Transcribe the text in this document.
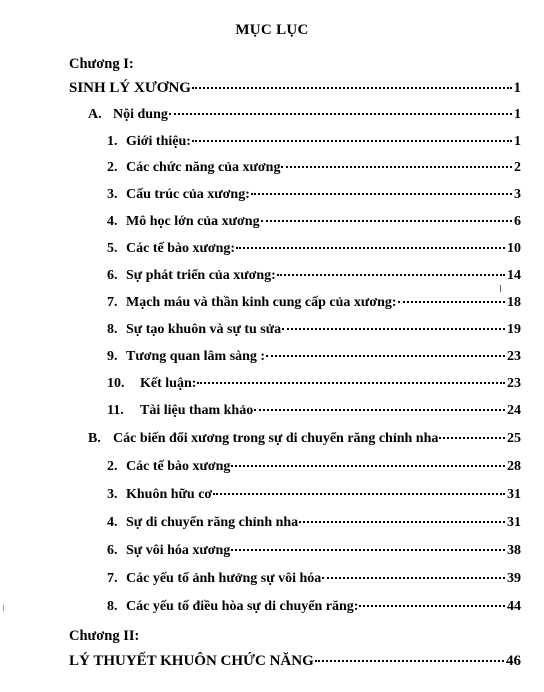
MỤC LỤC
Chương I:
SINH LÝ XƯƠNG	1
A. Nội dung	1
1. Giới thiệu:	1
2. Các chức năng của xương	2
3. Cấu trúc của xương:	3
4. Mô học lớn của xương	6
5. Các tế bào xương:	10
6. Sự phát triển của xương:	14
7. Mạch máu và thần kinh cung cấp của xương:	18
8. Sự tạo khuôn và sự tu sửa	19
9. Tương quan lâm sàng :	23
10.	Kết luận:	23
11.	Tài liệu tham khảo	24
B. Các biến đổi xương trong sự di chuyển răng chỉnh nha	25
2. Các tế bào xương	28
3. Khuôn hữu cơ	31
4. Sự di chuyển răng chỉnh nha	31
6. Sự vôi hóa xương	38
7. Các yếu tố ảnh hưởng sự vôi hóa	39
8. Các yếu tố điều hòa sự di chuyển răng:	44
Chương II:
LÝ THUYẾT KHUÔN CHỨC NĂNG	46
